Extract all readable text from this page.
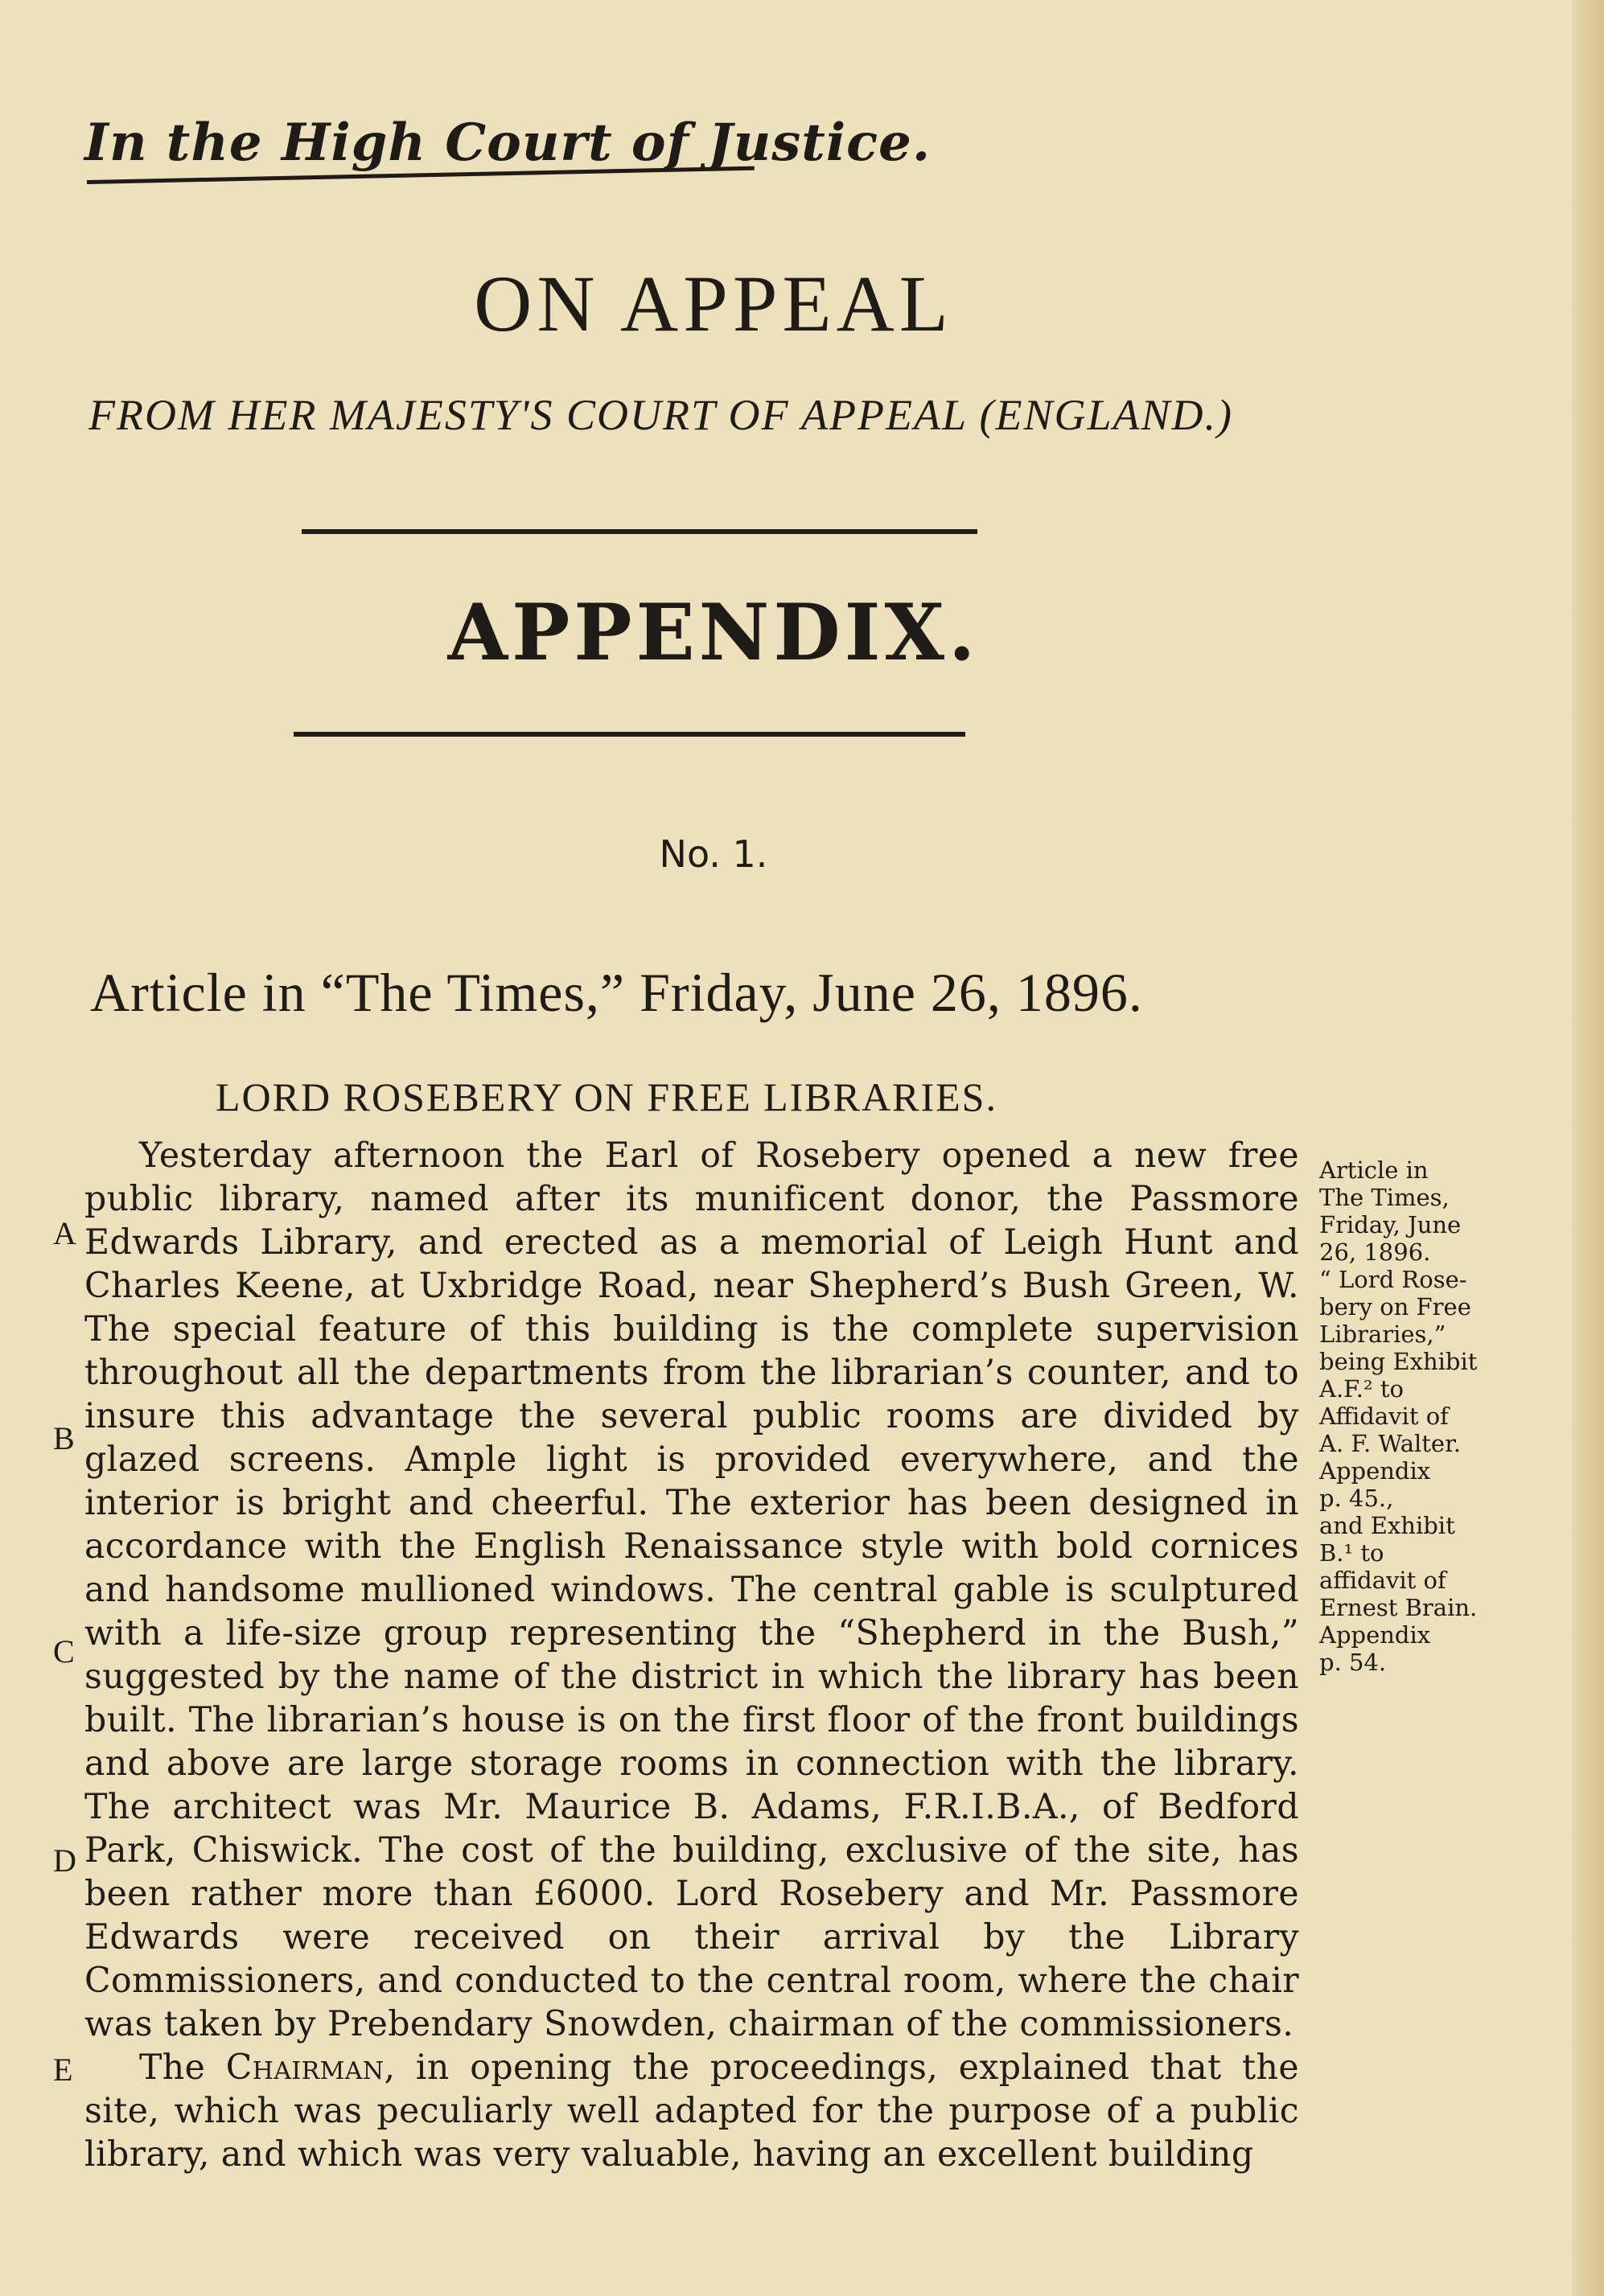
In the High Court of Justice.
ON APPEAL
FROM HER MAJESTY'S COURT OF APPEAL (ENGLAND.)
APPENDIX.
No. 1.
Article in “The Times,” Friday, June 26, 1896.
LORD ROSEBERY ON FREE LIBRARIES.
A
B
C
D
E

Yesterday afternoon the Earl of Rosebery opened a new free public library, named after its munificent donor, the Passmore Edwards Library, and erected as a memorial of Leigh Hunt and Charles Keene, at Uxbridge Road, near Shepherd’s Bush Green, W. The special feature of this building is the complete supervision throughout all the departments from the librarian’s counter, and to insure this advantage the several public rooms are divided by glazed screens. Ample light is provided everywhere, and the interior is bright and cheerful. The exterior has been designed in accordance with the English Renaissance style with bold cornices and handsome mullioned windows. The central gable is sculptured with a life-size group representing the “Shepherd in the Bush,” suggested by the name of the district in which the library has been built. The librarian’s house is on the first floor of the front buildings and above are large storage rooms in connection with the library. The architect was Mr. Maurice B. Adams, F.R.I.B.A., of Bedford Park, Chiswick. The cost of the building, exclusive of the site, has been rather more than £6000. Lord Rosebery and Mr. Passmore Edwards were received on their arrival by the Library Commissioners, and conducted to the central room, where the chair was taken by Prebendary Snowden, chairman of the commissioners.

The Chairman, in opening the proceedings, explained that the site, which was peculiarly well adapted for the purpose of a public library, and which was very valuable, having an excellent building

Article in
The Times,
Friday, June
26, 1896.
“ Lord Rose-
bery on Free
Libraries,”
being Exhibit
A.F.² to
Affidavit of
A. F. Walter.
Appendix
p. 45.,
and Exhibit
B.¹ to
affidavit of
Ernest Brain.
Appendix
p. 54.
